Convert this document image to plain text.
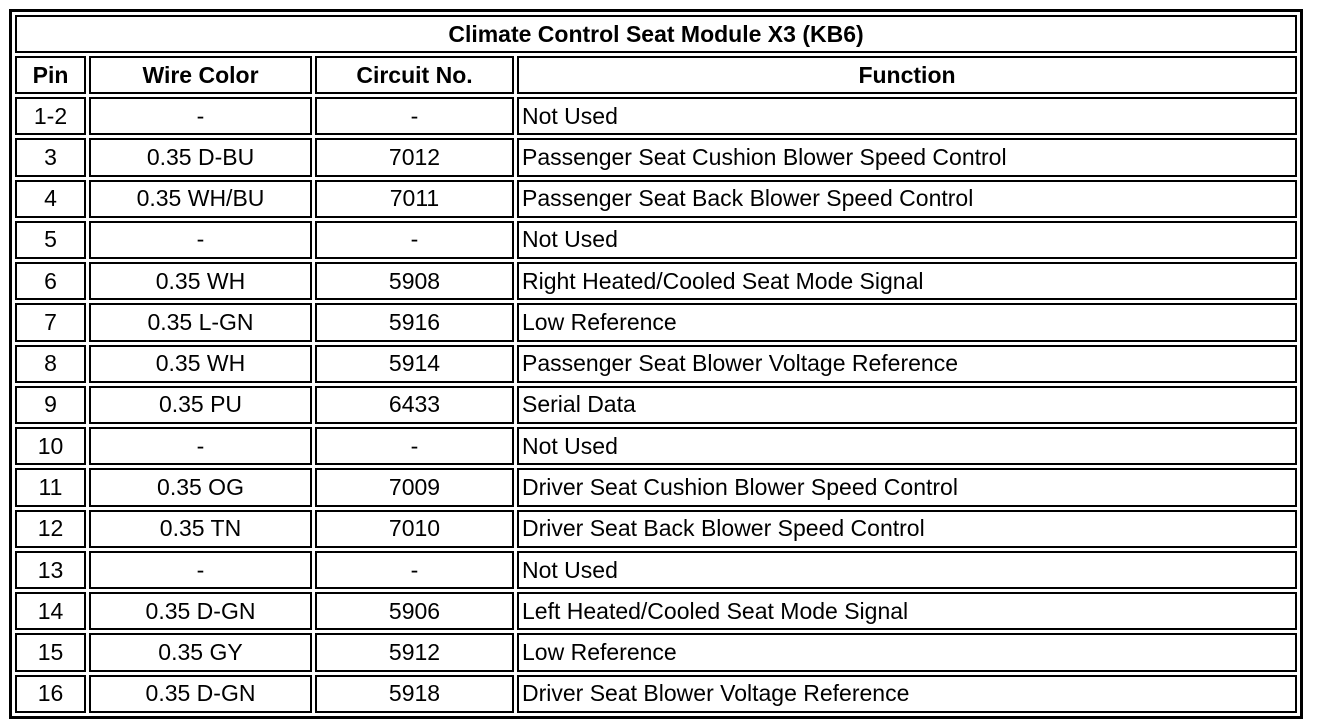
Climate Control Seat Module X3 (KB6)			
Pin	Wire Color	Circuit No.	Function
1-2	-	-	Not Used
3	0.35 D-BU	7012	Passenger Seat Cushion Blower Speed Control
4	0.35 WH/BU	7011	Passenger Seat Back Blower Speed Control
5	-	-	Not Used
6	0.35 WH	5908	Right Heated/Cooled Seat Mode Signal
7	0.35 L-GN	5916	Low Reference
8	0.35 WH	5914	Passenger Seat Blower Voltage Reference
9	0.35 PU	6433	Serial Data
10	-	-	Not Used
11	0.35 OG	7009	Driver Seat Cushion Blower Speed Control
12	0.35 TN	7010	Driver Seat Back Blower Speed Control
13	-	-	Not Used
14	0.35 D-GN	5906	Left Heated/Cooled Seat Mode Signal
15	0.35 GY	5912	Low Reference
16	0.35 D-GN	5918	Driver Seat Blower Voltage Reference
